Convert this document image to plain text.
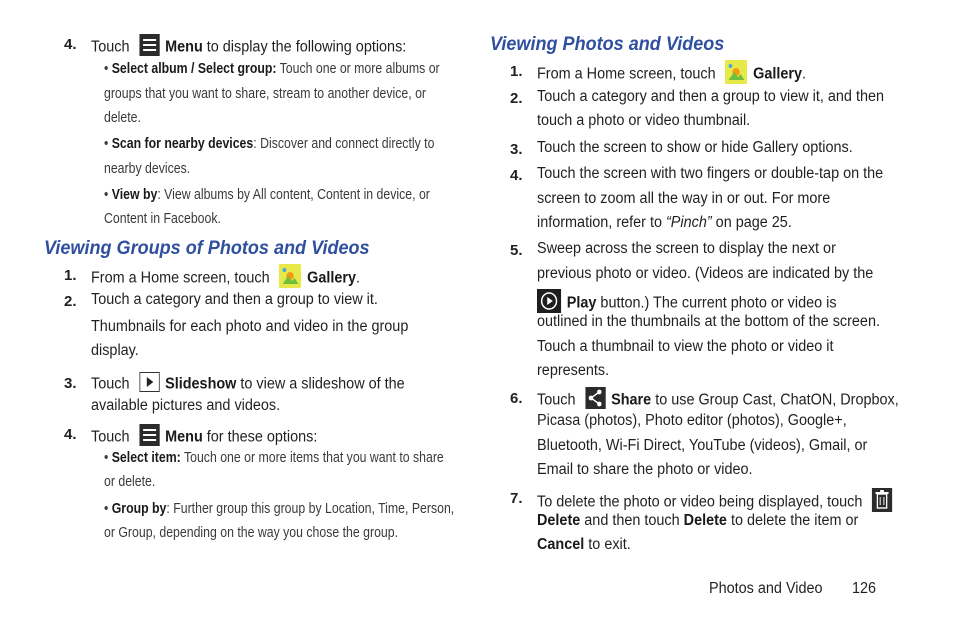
4. Touch Menu to display the following options:
• Select album / Select group: Touch one or more albums or
groups that you want to share, stream to another device, or
delete.
• Scan for nearby devices: Discover and connect directly to
nearby devices.
• View by: View albums by All content, Content in device, or
Content in Facebook.
Viewing Groups of Photos and Videos
1. From a Home screen, touch Gallery.
2. Touch a category and then a group to view it.
Thumbnails for each photo and video in the group
display.
3. Touch Slideshow to view a slideshow of the
available pictures and videos.
4. Touch Menu for these options:
• Select item: Touch one or more items that you want to share
or delete.
• Group by: Further group this group by Location, Time, Person,
or Group, depending on the way you chose the group.
Viewing Photos and Videos
1. From a Home screen, touch Gallery.
2. Touch a category and then a group to view it, and then
touch a photo or video thumbnail.
3. Touch the screen to show or hide Gallery options.
4. Touch the screen with two fingers or double-tap on the
screen to zoom all the way in or out. For more
information, refer to “Pinch” on page 25.
5. Sweep across the screen to display the next or
previous photo or video. (Videos are indicated by the
Play button.) The current photo or video is
outlined in the thumbnails at the bottom of the screen.
Touch a thumbnail to view the photo or video it
represents.
6. Touch Share to use Group Cast, ChatON, Dropbox,
Picasa (photos), Photo editor (photos), Google+,
Bluetooth, Wi-Fi Direct, YouTube (videos), Gmail, or
Email to share the photo or video.
7. To delete the photo or video being displayed, touch
Delete and then touch Delete to delete the item or
Cancel to exit.
Photos and Video 126
